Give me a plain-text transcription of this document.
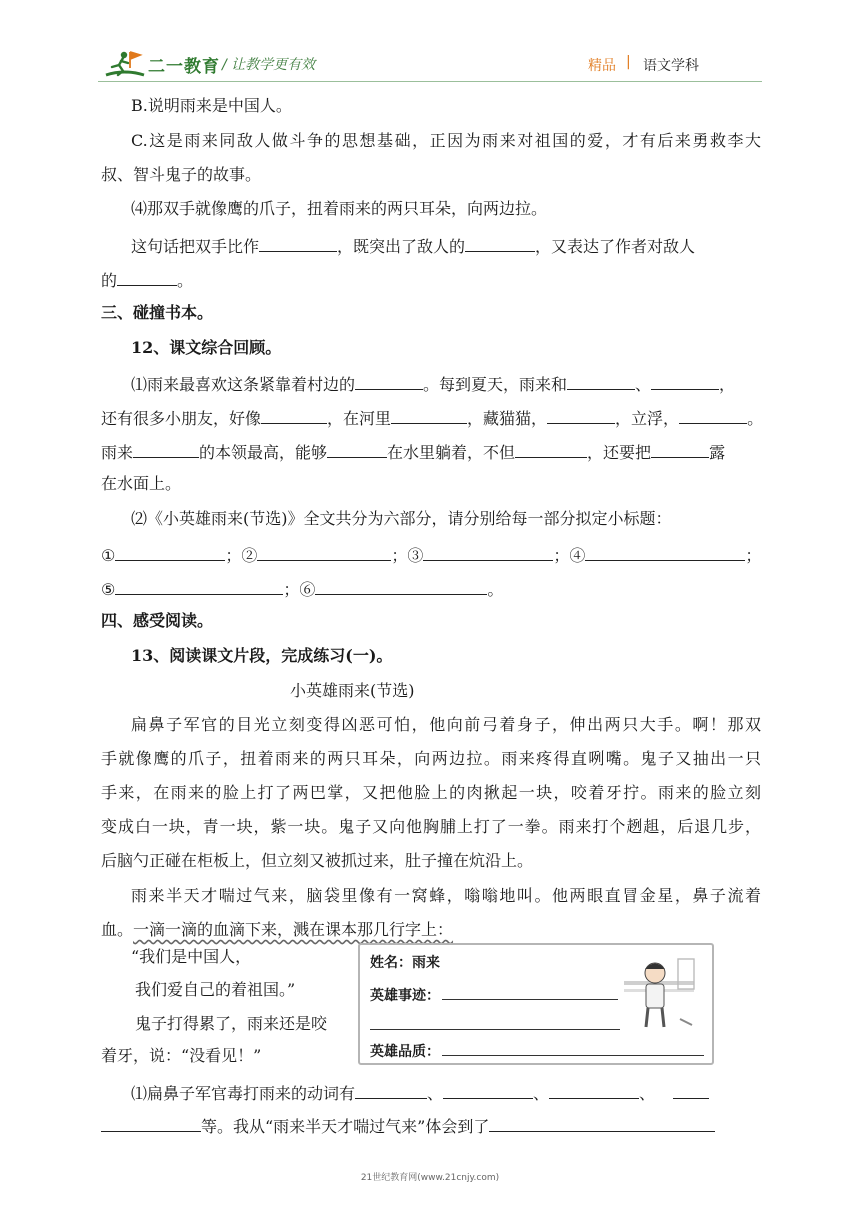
二一教育 / 让教学更有效	精品 | 语文学科
B.说明雨来是中国人。
C.这是雨来同敌人做斗争的思想基础，正因为雨来对祖国的爱，才有后来勇救李大
叔、智斗鬼子的故事。
⑷那双手就像鹰的爪子，扭着雨来的两只耳朵，向两边拉。
这句话把双手比作	，既突出了敌人的	，又表达了作者对敌人
的	。
三、碰撞书本。
12、课文综合回顾。
⑴雨来最喜欢这条紧靠着村边的	。每到夏天，雨来和	、	，
还有很多小朋友，好像	，在河里	，藏猫猫，	，立浮，	。
雨来	的本领最高，能够	在水里躺着，不但	，还要把	露
在水面上。
⑵《小英雄雨来(节选)》全文共分为六部分，请分别给每一部分拟定小标题：
①	；②	；③	；④	；
⑤	；⑥	。
四、感受阅读。
13、阅读课文片段，完成练习(一)。
小英雄雨来(节选)
扁鼻子军官的目光立刻变得凶恶可怕，他向前弓着身子，伸出两只大手。啊！那双
手就像鹰的爪子，扭着雨来的两只耳朵，向两边拉。雨来疼得直咧嘴。鬼子又抽出一只
手来，在雨来的脸上打了两巴掌，又把他脸上的肉揪起一块，咬着牙拧。雨来的脸立刻
变成白一块，青一块，紫一块。鬼子又向他胸脯上打了一拳。雨来打个趔趄，后退几步，
后脑勺正碰在柜板上，但立刻又被抓过来，肚子撞在炕沿上。
雨来半天才喘过气来，脑袋里像有一窝蜂，嗡嗡地叫。他两眼直冒金星，鼻子流着
血。一滴一滴的血滴下来，溅在课本那几行字上：
“我们是中国人，
我们爱自己的着祖国。”
鬼子打得累了，雨来还是咬
着牙，说：“没看见！”
姓名：雨来
英雄事迹：
英雄品质：
⑴扁鼻子军官毒打雨来的动词有	、	、	、
等。我从“雨来半天才喘过气来”体会到了
21世纪教育网(www.21cnjy.com)
